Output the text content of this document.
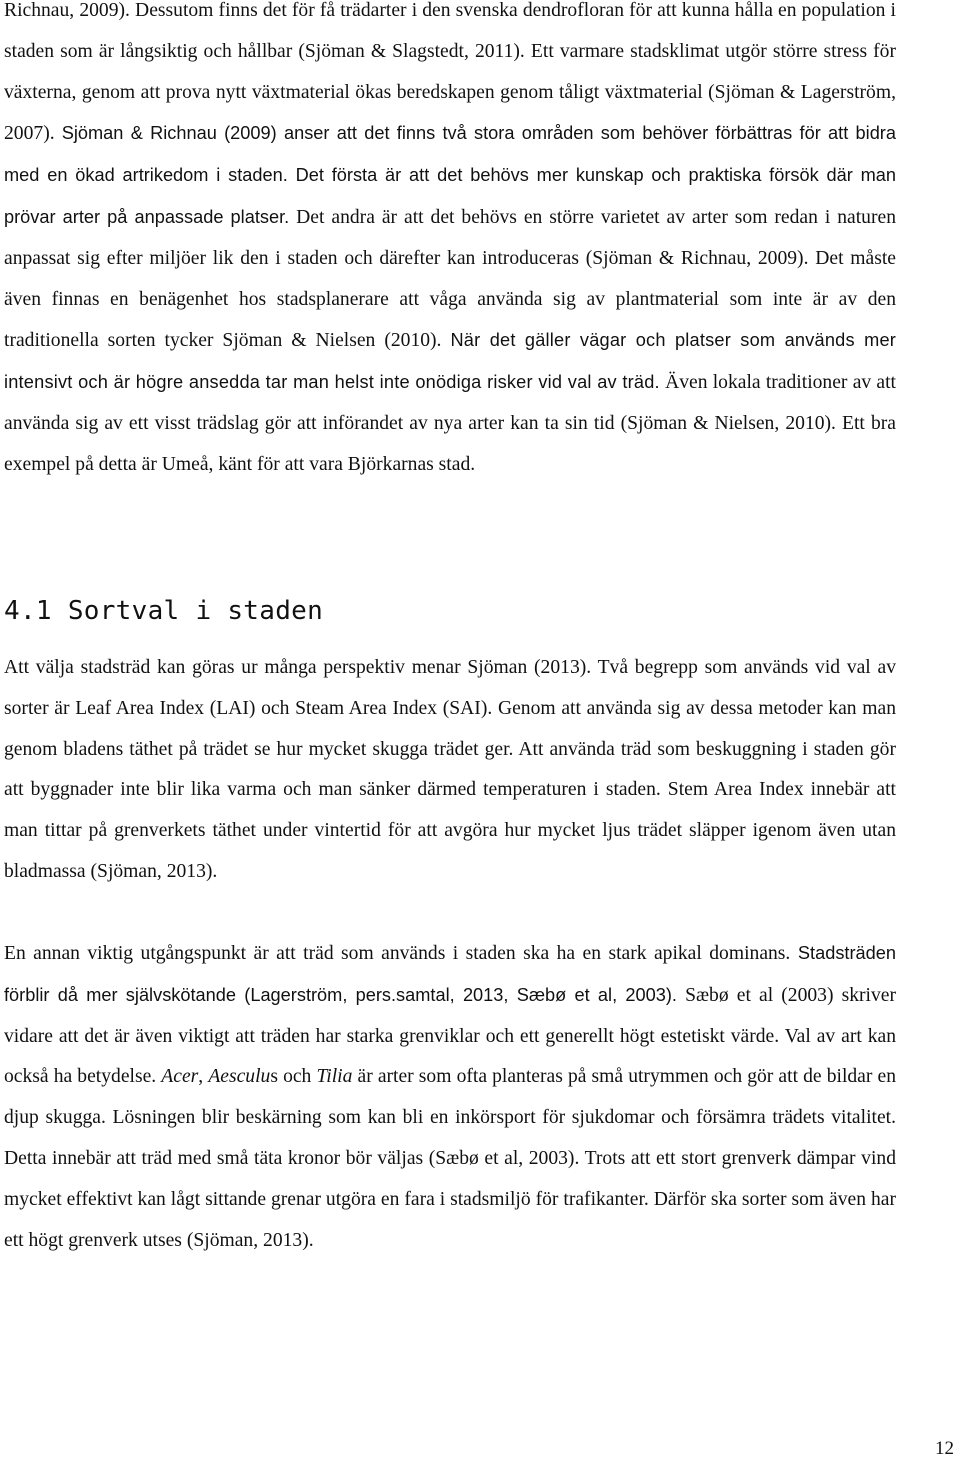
Richnau, 2009). Dessutom finns det för få trädarter i den svenska dendrofloran för att kunna hålla en population i staden som är långsiktig och hållbar (Sjöman & Slagstedt, 2011). Ett varmare stadsklimat utgör större stress för växterna, genom att prova nytt växtmaterial ökas beredskapen genom tåligt växtmaterial (Sjöman & Lagerström, 2007). Sjöman & Richnau (2009) anser att det finns två stora områden som behöver förbättras för att bidra med en ökad artrikedom i staden. Det första är att det behövs mer kunskap och praktiska försök där man prövar arter på anpassade platser. Det andra är att det behövs en större varietet av arter som redan i naturen anpassat sig efter miljöer lik den i staden och därefter kan introduceras (Sjöman & Richnau, 2009). Det måste även finnas en benägenhet hos stadsplanerare att våga använda sig av plantmaterial som inte är av den traditionella sorten tycker Sjöman & Nielsen (2010). När det gäller vägar och platser som används mer intensivt och är högre ansedda tar man helst inte onödiga risker vid val av träd. Även lokala traditioner av att använda sig av ett visst trädslag gör att införandet av nya arter kan ta sin tid (Sjöman & Nielsen, 2010). Ett bra exempel på detta är Umeå, känt för att vara Björkarnas stad.
4.1 Sortval i staden
Att välja stadsträd kan göras ur många perspektiv menar Sjöman (2013). Två begrepp som används vid val av sorter är Leaf Area Index (LAI) och Steam Area Index (SAI). Genom att använda sig av dessa metoder kan man genom bladens täthet på trädet se hur mycket skugga trädet ger. Att använda träd som beskuggning i staden gör att byggnader inte blir lika varma och man sänker därmed temperaturen i staden. Stem Area Index innebär att man tittar på grenverkets täthet under vintertid för att avgöra hur mycket ljus trädet släpper igenom även utan bladmassa (Sjöman, 2013).
En annan viktig utgångspunkt är att träd som används i staden ska ha en stark apikal dominans. Stadsträden förblir då mer självskötande (Lagerström, pers.samtal, 2013, Sæbø et al, 2003). Sæbø et al (2003) skriver vidare att det är även viktigt att träden har starka grenviklar och ett generellt högt estetiskt värde. Val av art kan också ha betydelse. Acer, Aesculus och Tilia är arter som ofta planteras på små utrymmen och gör att de bildar en djup skugga. Lösningen blir beskärning som kan bli en inkörsport för sjukdomar och försämra trädets vitalitet. Detta innebär att träd med små täta kronor bör väljas (Sæbø et al, 2003). Trots att ett stort grenverk dämpar vind mycket effektivt kan lågt sittande grenar utgöra en fara i stadsmiljö för trafikanter. Därför ska sorter som även har ett högt grenverk utses (Sjöman, 2013).
12
